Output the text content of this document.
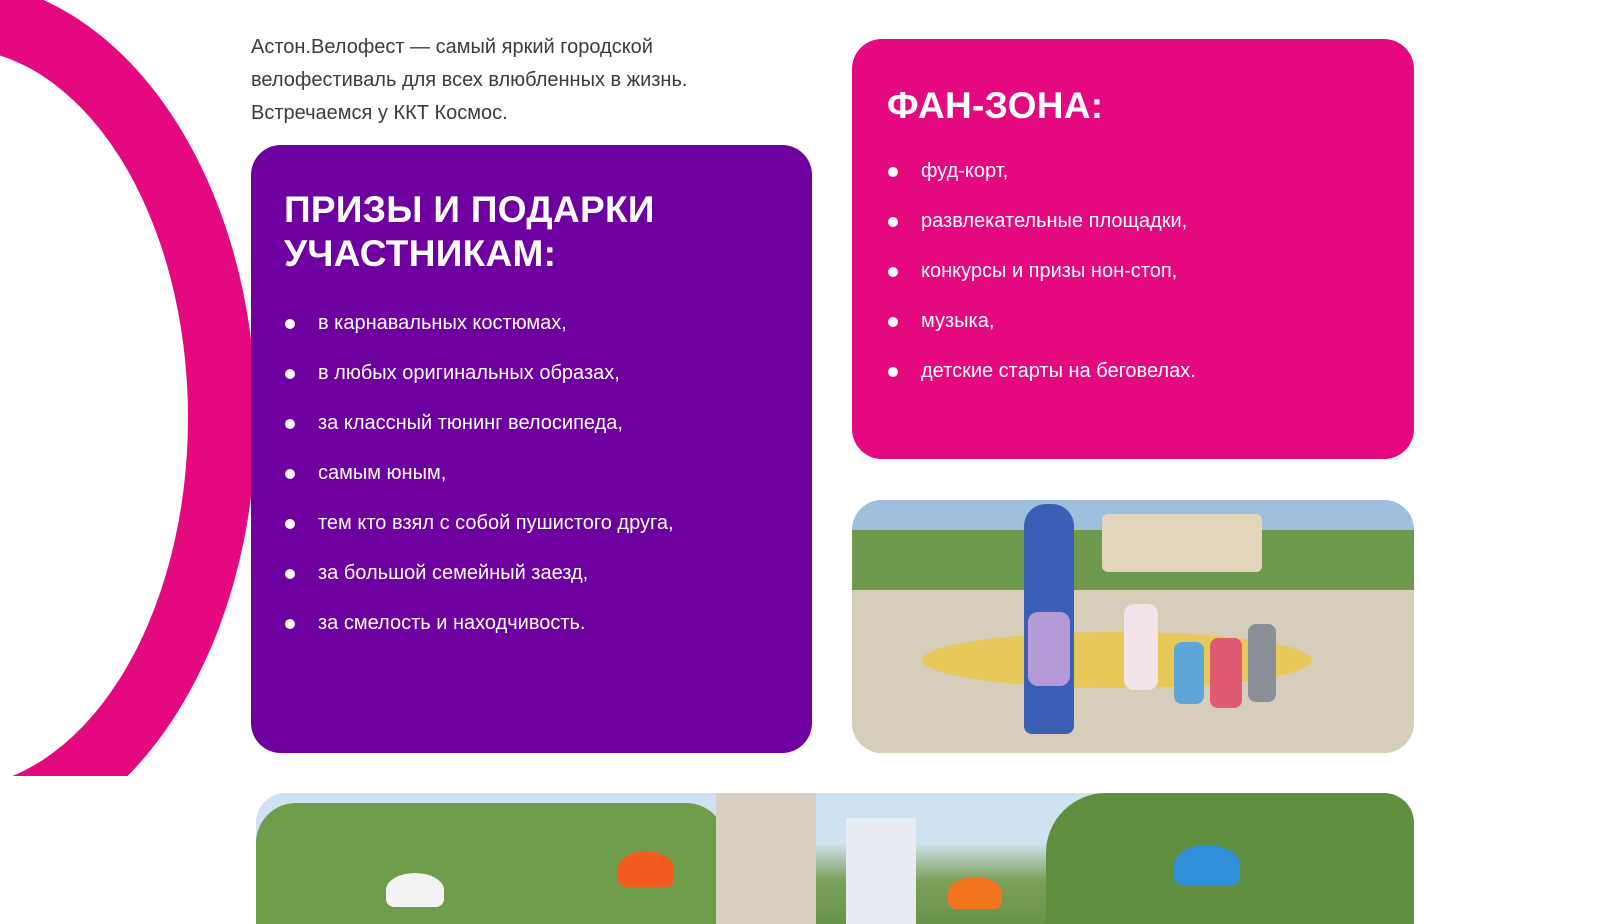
Астон.Велофест — самый яркий городской
велофестиваль для всех влюбленных в жизнь.
Встречаемся у ККТ Космос.
ПРИЗЫ И ПОДАРКИ
УЧАСТНИКАМ:
в карнавальных костюмах,
в любых оригинальных образах,
за классный тюнинг велосипеда,
самым юным,
тем кто взял с собой пушистого друга,
за большой семейный заезд,
за смелость и находчивость.
ФАН-ЗОНА:
фуд-корт,
развлекательные площадки,
конкурсы и призы нон-стоп,
музыка,
детские старты на беговелах.
